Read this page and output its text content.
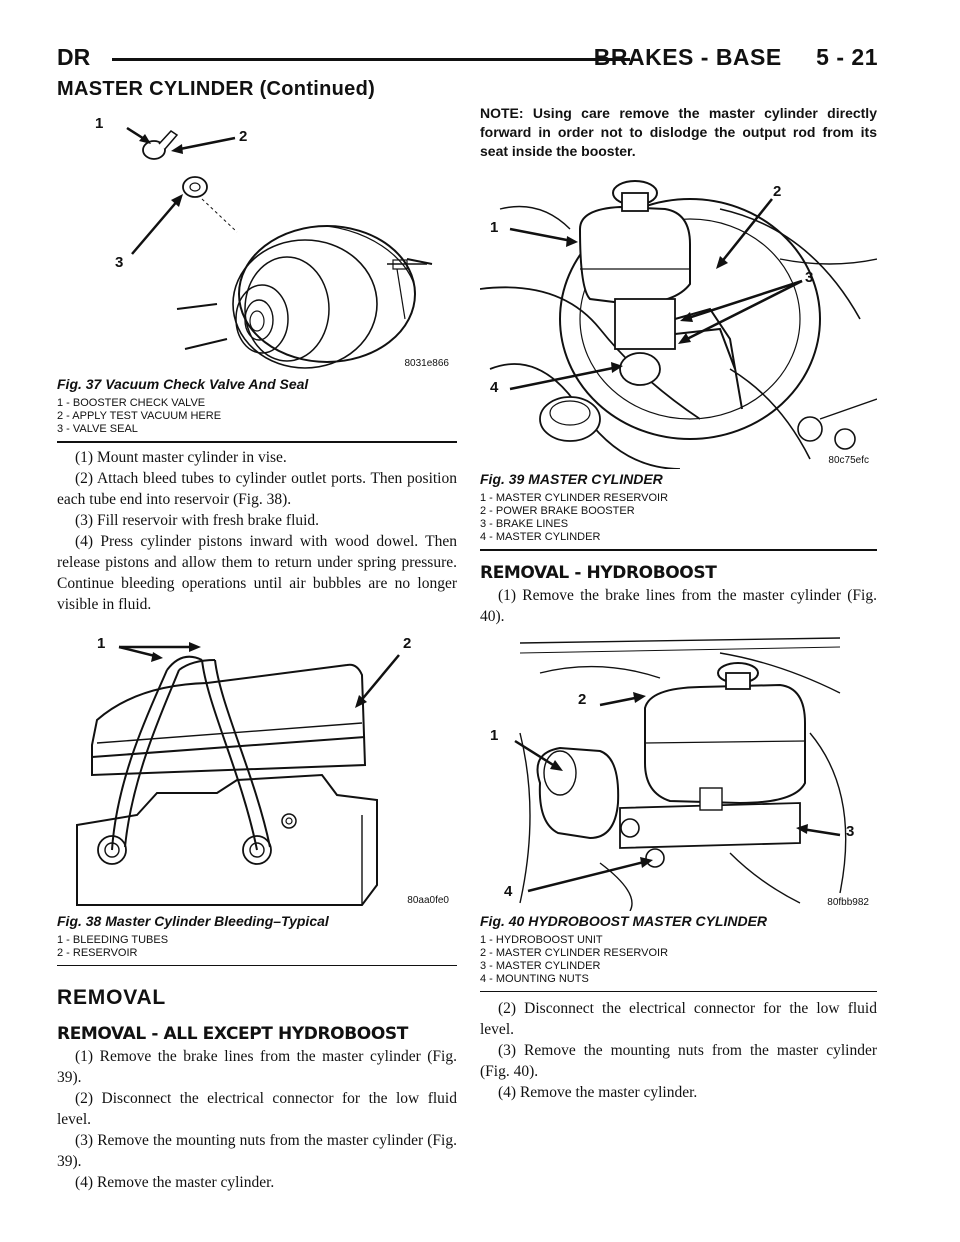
DR	BRAKES - BASE     5 - 21
MASTER CYLINDER (Continued)
1
2
3
8031e866
Fig. 37 Vacuum Check Valve And Seal
1 - BOOSTER CHECK VALVE
2 - APPLY TEST VACUUM HERE
3 - VALVE SEAL

(1) Mount master cylinder in vise.

(2) Attach bleed tubes to cylinder outlet ports. Then position each tube end into reservoir (Fig. 38).

(3) Fill reservoir with fresh brake fluid.

(4) Press cylinder pistons inward with wood dowel. Then release pistons and allow them to return under spring pressure. Continue bleeding operations until air bubbles are no longer visible in fluid.

1	2
80aa0fe0
Fig. 38 Master Cylinder Bleeding–Typical
1 - BLEEDING TUBES
2 - RESERVOIR
REMOVAL
REMOVAL - ALL EXCEPT HYDROBOOST

(1) Remove the brake lines from the master cylinder (Fig. 39).

(2) Disconnect the electrical connector for the low fluid level.

(3) Remove the mounting nuts from the master cylinder (Fig. 39).

(4) Remove the master cylinder.

NOTE: Using care remove the master cylinder directly forward in order not to dislodge the output rod from its seat inside the booster.

1
2
3
4
80c75efc
Fig. 39 MASTER CYLINDER
1 - MASTER CYLINDER RESERVOIR
2 - POWER BRAKE BOOSTER
3 - BRAKE LINES
4 - MASTER CYLINDER
REMOVAL - HYDROBOOST

(1) Remove the brake lines from the master cylinder (Fig. 40).

1
2
3
4
80fbb982
Fig. 40 HYDROBOOST MASTER CYLINDER
1 - HYDROBOOST UNIT
2 - MASTER CYLINDER RESERVOIR
3 - MASTER CYLINDER
4 - MOUNTING NUTS

(2) Disconnect the electrical connector for the low fluid level.

(3) Remove the mounting nuts from the master cylinder (Fig. 40).

(4) Remove the master cylinder.
